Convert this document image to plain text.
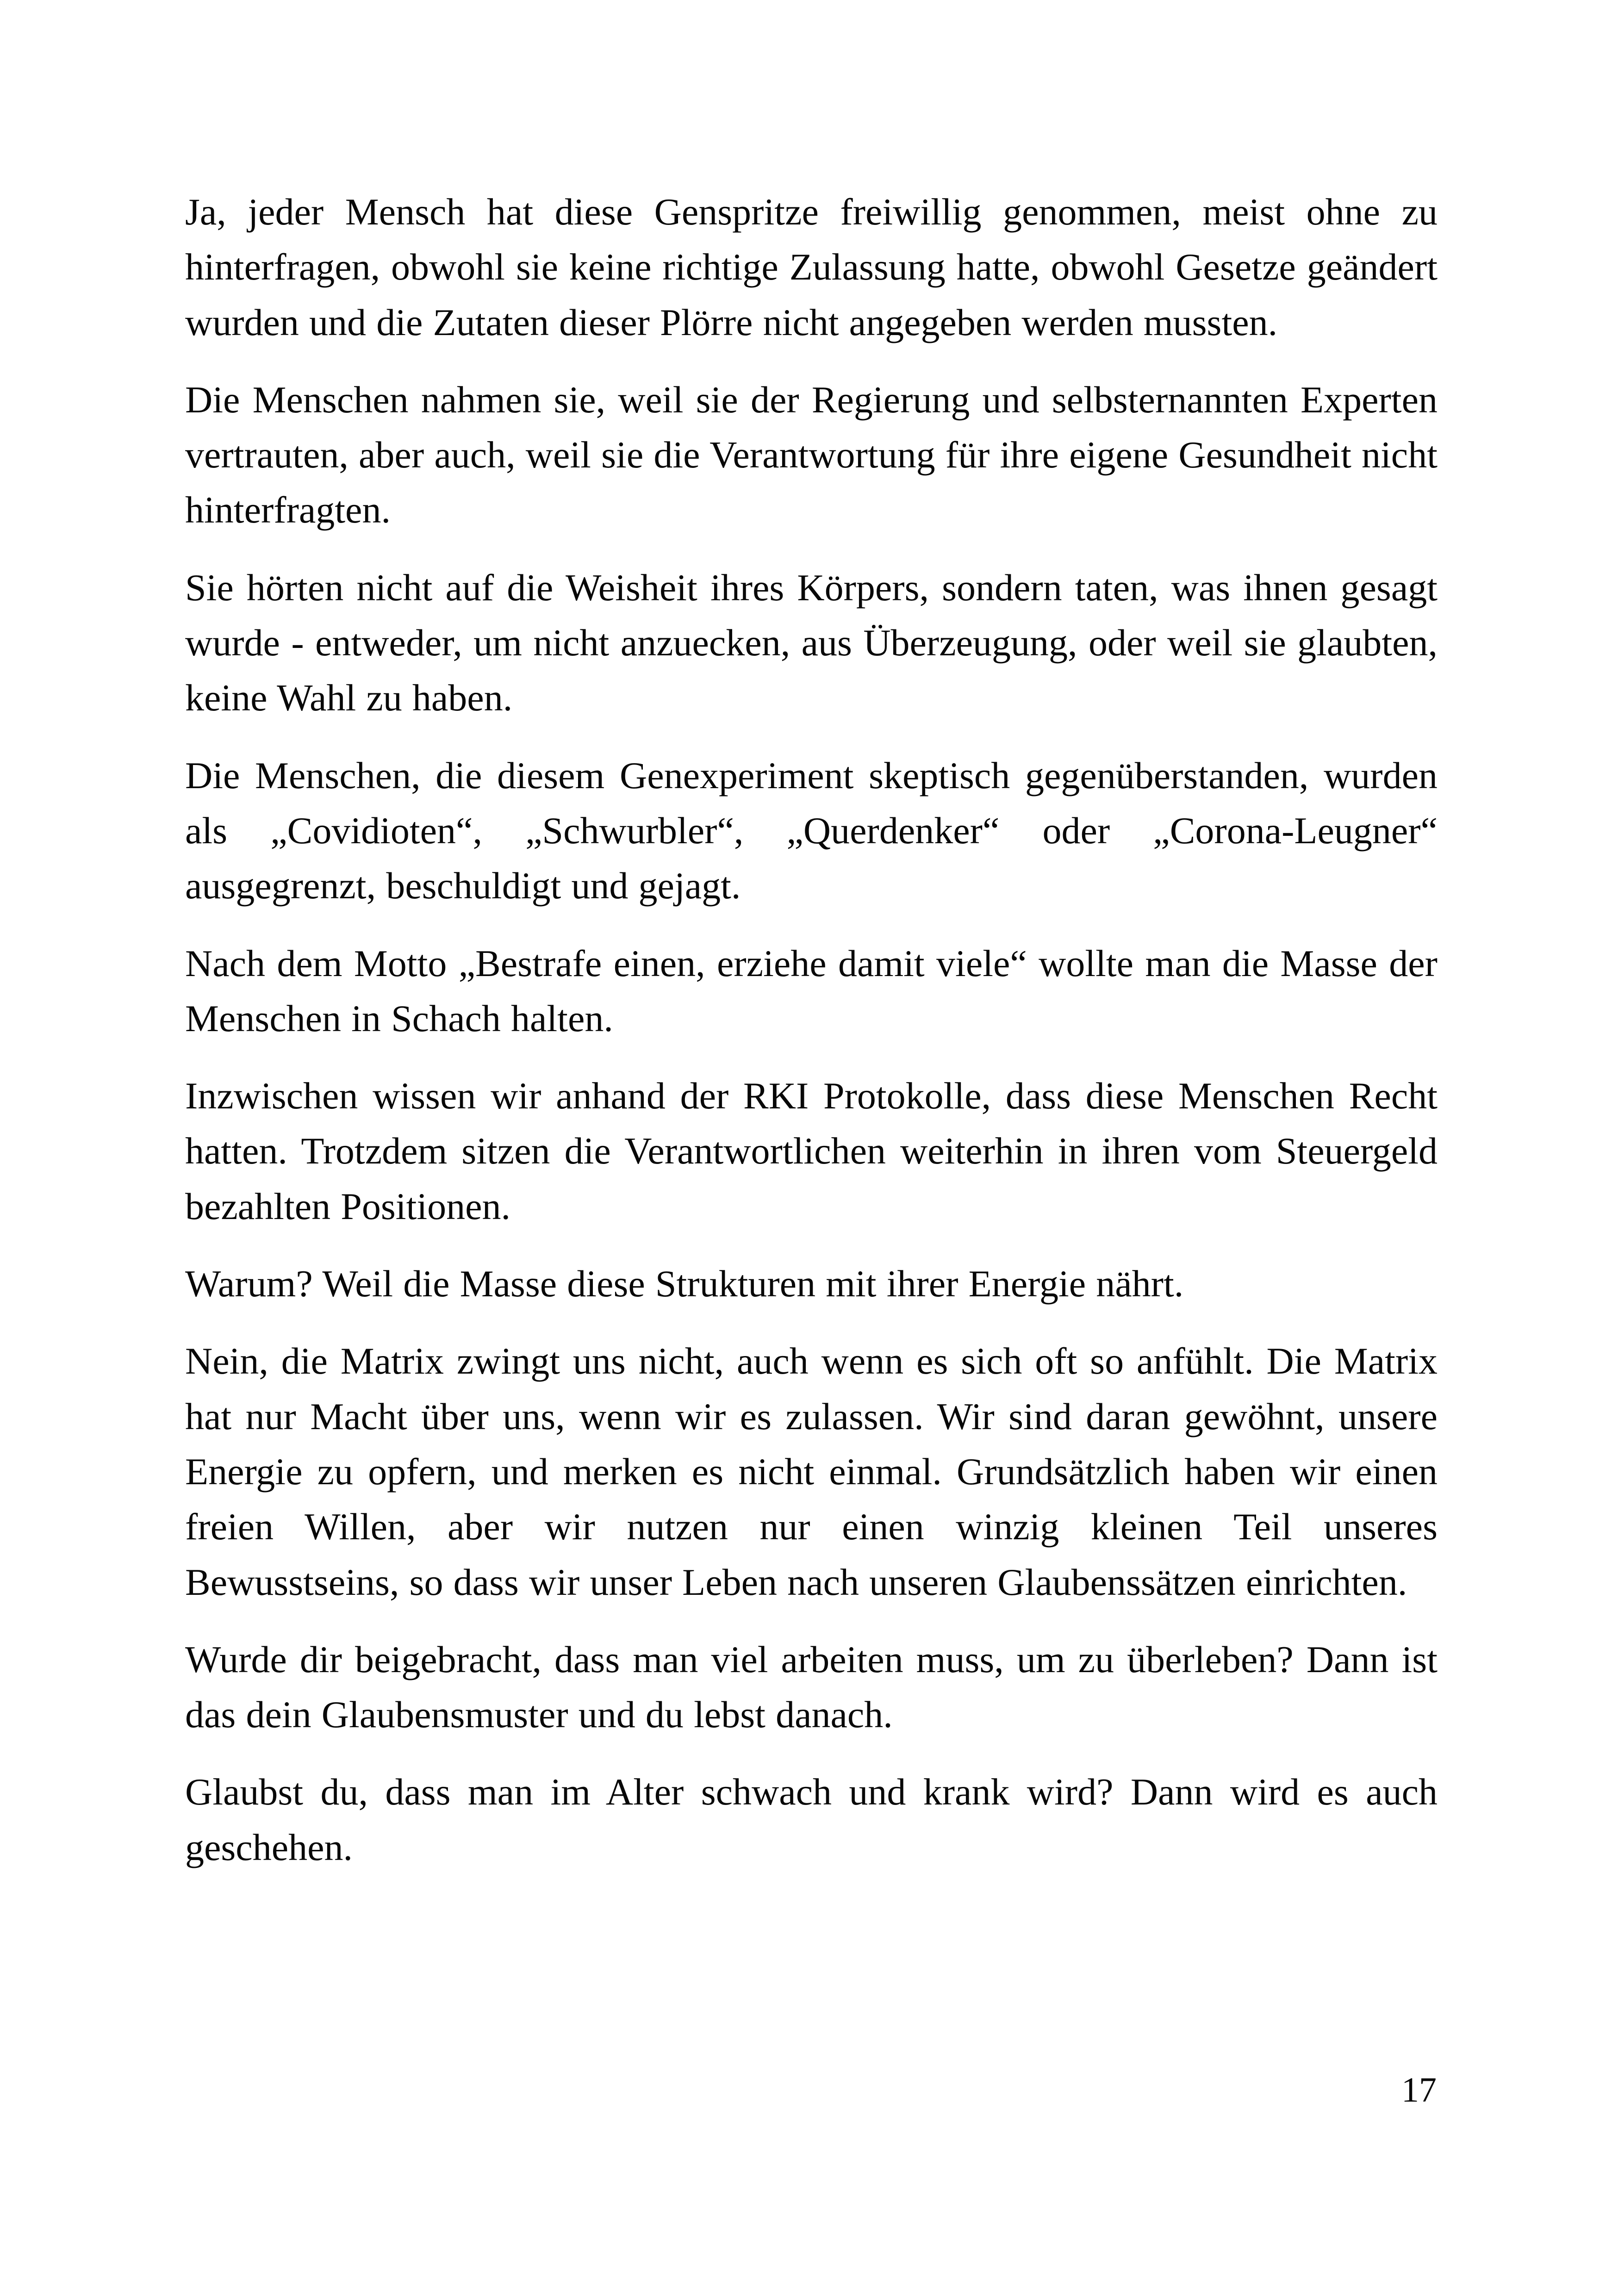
Ja, jeder Mensch hat diese Genspritze freiwillig genommen, meist ohne zu hinterfragen, obwohl sie keine richtige Zulassung hatte, obwohl Gesetze geändert wurden und die Zutaten dieser Plörre nicht angegeben werden mussten.

Die Menschen nahmen sie, weil sie der Regierung und selbsternannten Experten vertrauten, aber auch, weil sie die Verantwortung für ihre eigene Gesundheit nicht hinterfragten.

Sie hörten nicht auf die Weisheit ihres Körpers, sondern taten, was ihnen gesagt wurde - entweder, um nicht anzuecken, aus Überzeugung, oder weil sie glaubten, keine Wahl zu haben.

Die Menschen, die diesem Genexperiment skeptisch gegenüberstanden, wurden als „Covidioten“, „Schwurbler“, „Querdenker“ oder „Corona-Leugner“ ausgegrenzt, beschuldigt und gejagt.

Nach dem Motto „Bestrafe einen, erziehe damit viele“ wollte man die Masse der Menschen in Schach halten.

Inzwischen wissen wir anhand der RKI Protokolle, dass diese Menschen Recht hatten. Trotzdem sitzen die Verantwortlichen weiterhin in ihren vom Steuergeld bezahlten Positionen.

Warum? Weil die Masse diese Strukturen mit ihrer Energie nährt.

Nein, die Matrix zwingt uns nicht, auch wenn es sich oft so anfühlt. Die Matrix hat nur Macht über uns, wenn wir es zulassen. Wir sind daran gewöhnt, unsere Energie zu opfern, und merken es nicht einmal. Grundsätzlich haben wir einen freien Willen, aber wir nutzen nur einen winzig kleinen Teil unseres Bewusstseins, so dass wir unser Leben nach unseren Glaubenssätzen einrichten.

Wurde dir beigebracht, dass man viel arbeiten muss, um zu überleben? Dann ist das dein Glaubensmuster und du lebst danach.

Glaubst du, dass man im Alter schwach und krank wird? Dann wird es auch geschehen.

17
